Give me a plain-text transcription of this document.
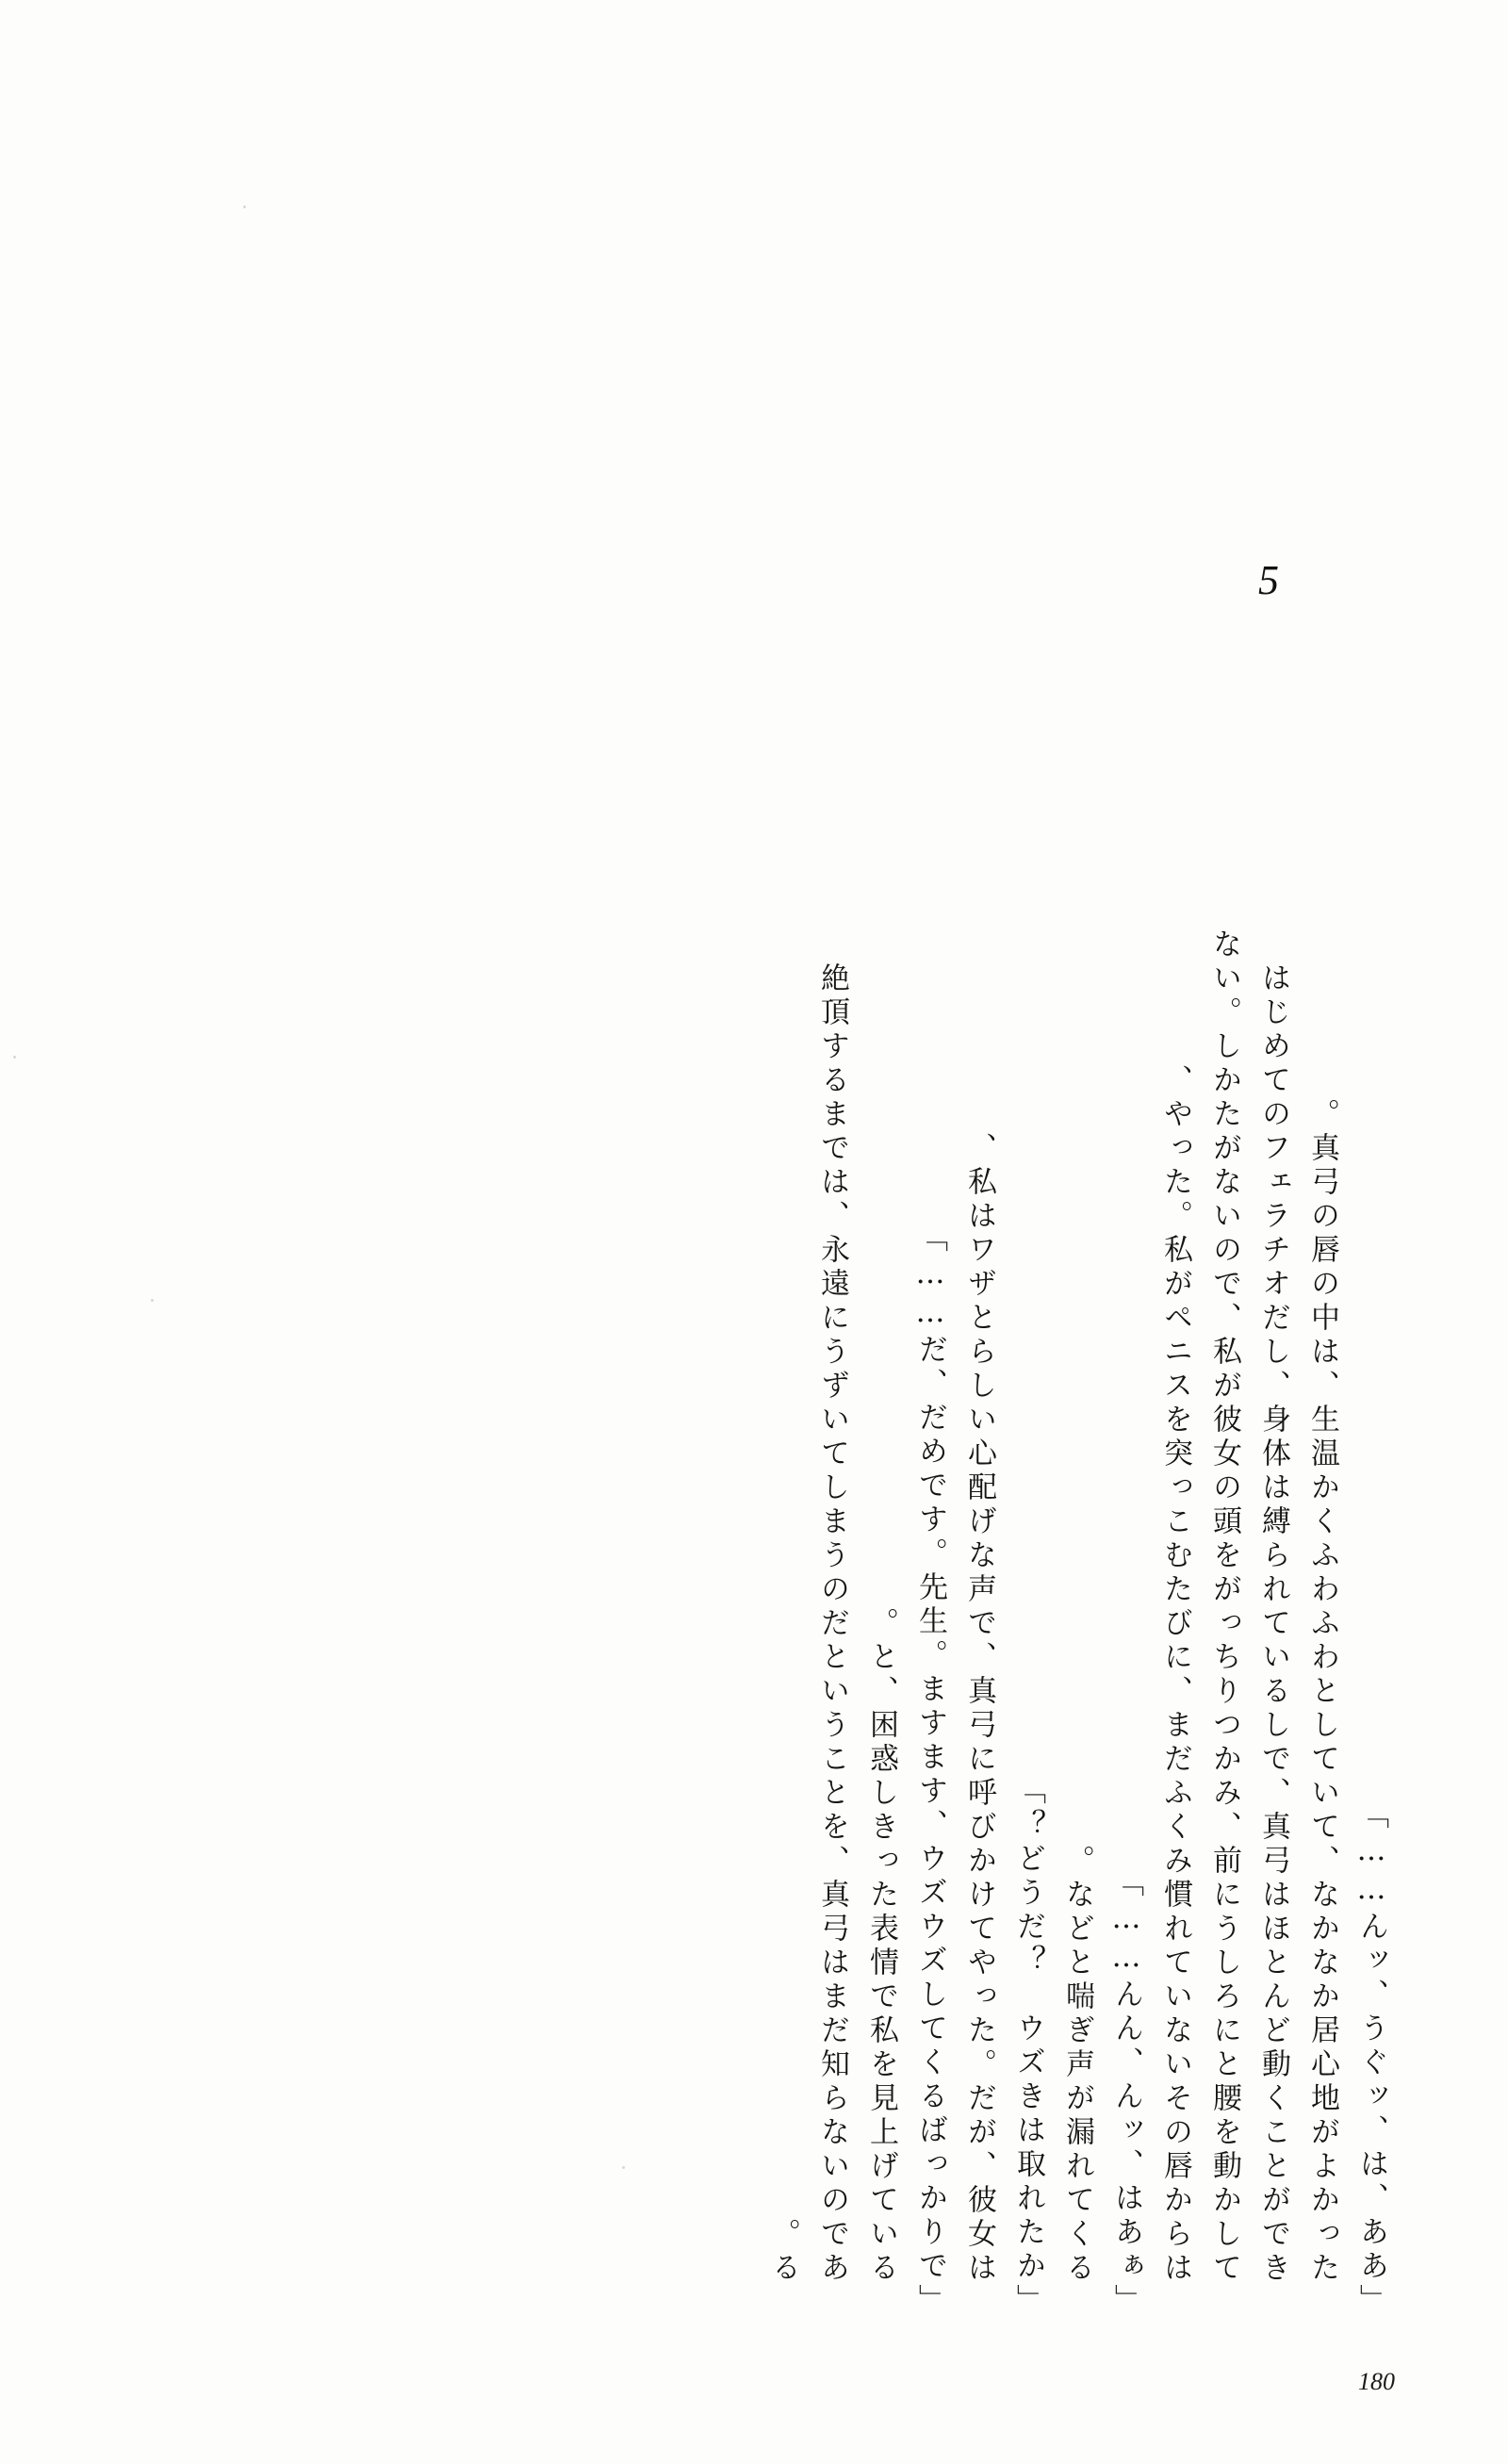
5
「んッ、うぐッ、は、ああ……」
真弓の唇の中は、生温かくふわふわとしていて、なかなか居心地がよかった。
はじめてのフェラチオだし、身体は縛られているしで、真弓はほとんど動くことができ
ない。しかたがないので、私が彼女の頭をがっちりつかみ、前にうしろにと腰を動かして
やった。私がペニスを突っこむたびに、まだふくみ慣れていないその唇からは、
「んん、んッ、はあぁ……」
などと喘ぎ声が漏れてくる。
「どうだ？　ウズきは取れたか？」
私はワザとらしい心配げな声で、真弓に呼びかけてやった。だが、彼女は、
「だ、だめです。先生。ますます、ウズウズしてくるばっかりで……」
と、困惑しきった表情で私を見上げている。
絶頂するまでは、永遠にうずいてしまうのだということを、真弓はまだ知らないのであ
る。
180
